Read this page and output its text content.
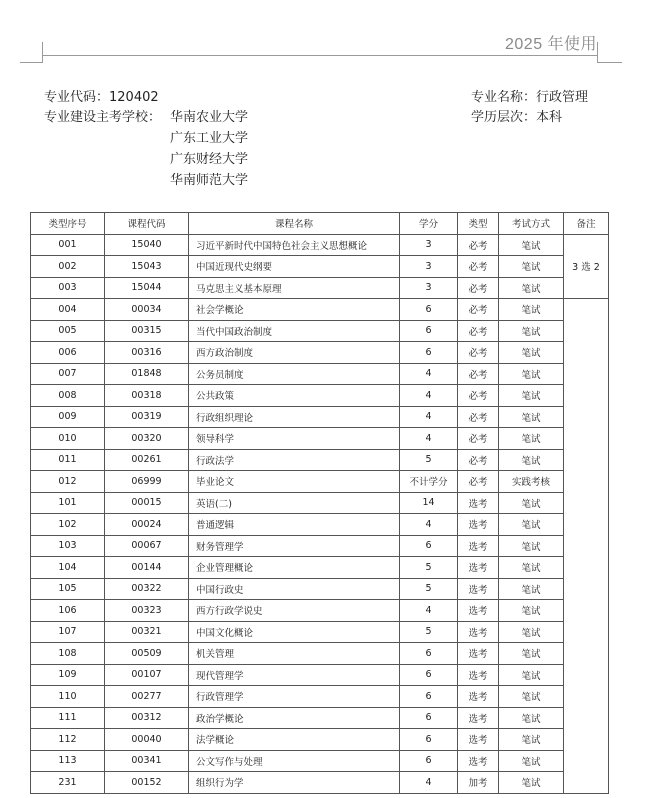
2025 年使用
专业代码：120402
专业建设主考学校： 华南农业大学
广东工业大学
广东财经大学
华南师范大学
专业名称：行政管理
学历层次：本科
类型序号	课程代码	课程名称	学分	类型	考试方式	备注
001	15040	习近平新时代中国特色社会主义思想概论	3	必考	笔试	3 选 2
002	15043	中国近现代史纲要	3	必考	笔试	
003	15044	马克思主义基本原理	3	必考	笔试	
004	00034	社会学概论	6	必考	笔试	
005	00315	当代中国政治制度	6	必考	笔试	
006	00316	西方政治制度	6	必考	笔试	
007	01848	公务员制度	4	必考	笔试	
008	00318	公共政策	4	必考	笔试	
009	00319	行政组织理论	4	必考	笔试	
010	00320	领导科学	4	必考	笔试	
011	00261	行政法学	5	必考	笔试	
012	06999	毕业论文	不计学分	必考	实践考核	
101	00015	英语(二)	14	选考	笔试	
102	00024	普通逻辑	4	选考	笔试	
103	00067	财务管理学	6	选考	笔试	
104	00144	企业管理概论	5	选考	笔试	
105	00322	中国行政史	5	选考	笔试	
106	00323	西方行政学说史	4	选考	笔试	
107	00321	中国文化概论	5	选考	笔试	
108	00509	机关管理	6	选考	笔试	
109	00107	现代管理学	6	选考	笔试	
110	00277	行政管理学	6	选考	笔试	
111	00312	政治学概论	6	选考	笔试	
112	00040	法学概论	6	选考	笔试	
113	00341	公文写作与处理	6	选考	笔试	
231	00152	组织行为学	4	加考	笔试	
